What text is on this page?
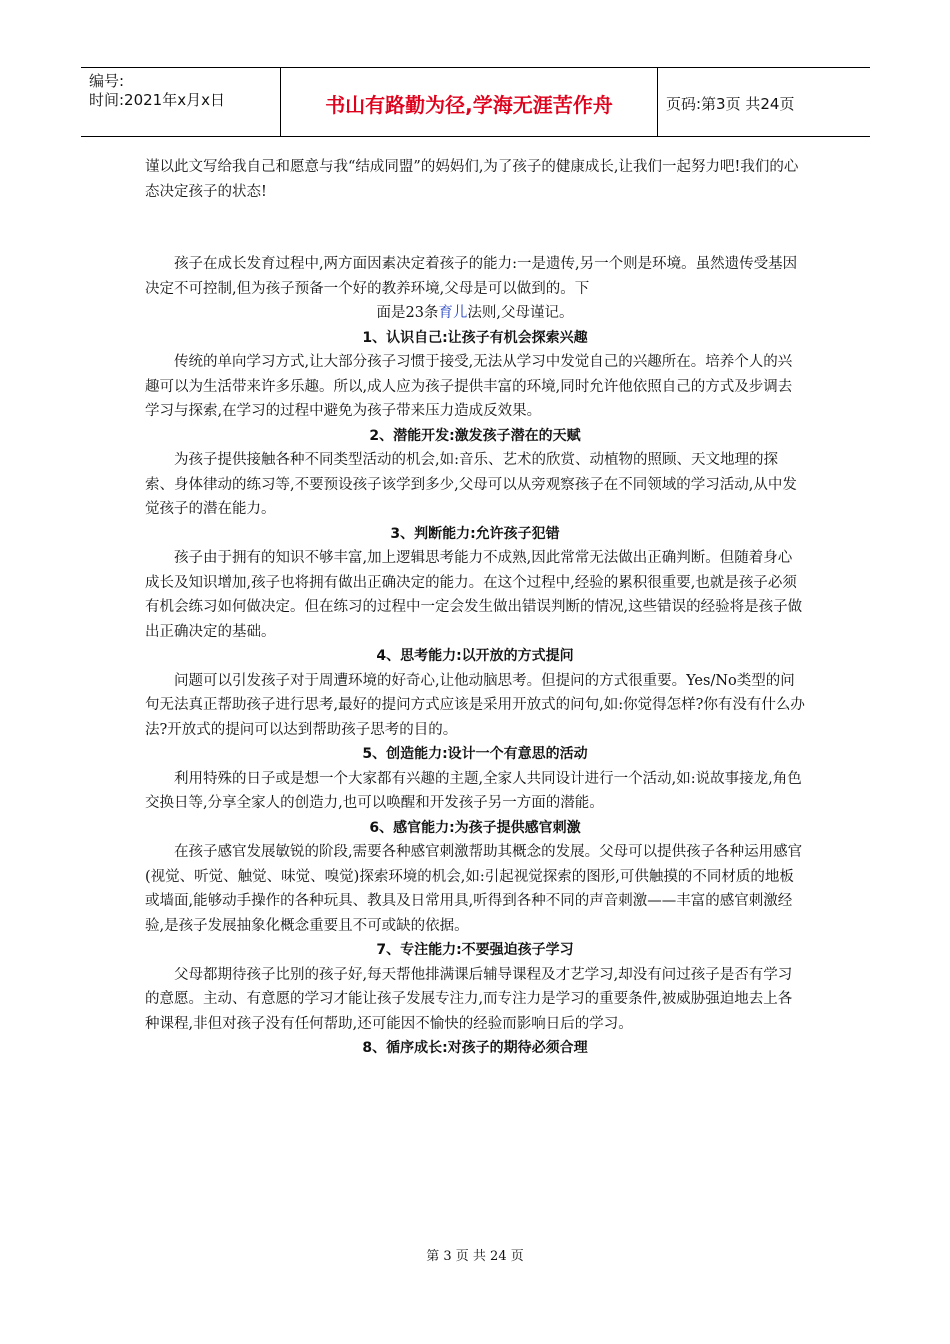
编号:
时间:2021年x月x日	书山有路勤为径,学海无涯苦作舟	页码:第3页 共24页

谨以此文写给我自己和愿意与我“结成同盟”的妈妈们,为了孩子的健康成长,让我们一起努力吧!我们的心态决定孩子的状态!

孩子在成长发育过程中,两方面因素决定着孩子的能力:一是遗传,另一个则是环境。虽然遗传受基因决定不可控制,但为孩子预备一个好的教养环境,父母是可以做到的。下

面是23条育儿法则,父母谨记。

1、认识自己:让孩子有机会探索兴趣

传统的单向学习方式,让大部分孩子习惯于接受,无法从学习中发觉自己的兴趣所在。培养个人的兴趣可以为生活带来许多乐趣。所以,成人应为孩子提供丰富的环境,同时允许他依照自己的方式及步调去学习与探索,在学习的过程中避免为孩子带来压力造成反效果。

2、潜能开发:激发孩子潜在的天赋

为孩子提供接触各种不同类型活动的机会,如:音乐、艺术的欣赏、动植物的照顾、天文地理的探索、身体律动的练习等,不要预设孩子该学到多少,父母可以从旁观察孩子在不同领域的学习活动,从中发觉孩子的潜在能力。

3、判断能力:允许孩子犯错

孩子由于拥有的知识不够丰富,加上逻辑思考能力不成熟,因此常常无法做出正确判断。但随着身心成长及知识增加,孩子也将拥有做出正确决定的能力。在这个过程中,经验的累积很重要,也就是孩子必须有机会练习如何做决定。但在练习的过程中一定会发生做出错误判断的情况,这些错误的经验将是孩子做出正确决定的基础。

4、思考能力:以开放的方式提问

问题可以引发孩子对于周遭环境的好奇心,让他动脑思考。但提问的方式很重要。Yes/No类型的问句无法真正帮助孩子进行思考,最好的提问方式应该是采用开放式的问句,如:你觉得怎样?你有没有什么办法?开放式的提问可以达到帮助孩子思考的目的。

5、创造能力:设计一个有意思的活动

利用特殊的日子或是想一个大家都有兴趣的主题,全家人共同设计进行一个活动,如:说故事接龙,角色交换日等,分享全家人的创造力,也可以唤醒和开发孩子另一方面的潜能。

6、感官能力:为孩子提供感官刺激

在孩子感官发展敏锐的阶段,需要各种感官刺激帮助其概念的发展。父母可以提供孩子各种运用感官(视觉、听觉、触觉、味觉、嗅觉)探索环境的机会,如:引起视觉探索的图形,可供触摸的不同材质的地板或墙面,能够动手操作的各种玩具、教具及日常用具,听得到各种不同的声音刺激——丰富的感官刺激经验,是孩子发展抽象化概念重要且不可或缺的依据。

7、专注能力:不要强迫孩子学习

父母都期待孩子比别的孩子好,每天帮他排满课后辅导课程及才艺学习,却没有问过孩子是否有学习的意愿。主动、有意愿的学习才能让孩子发展专注力,而专注力是学习的重要条件,被威胁强迫地去上各种课程,非但对孩子没有任何帮助,还可能因不愉快的经验而影响日后的学习。

8、循序成长:对孩子的期待必须合理

第 3 页 共 24 页
